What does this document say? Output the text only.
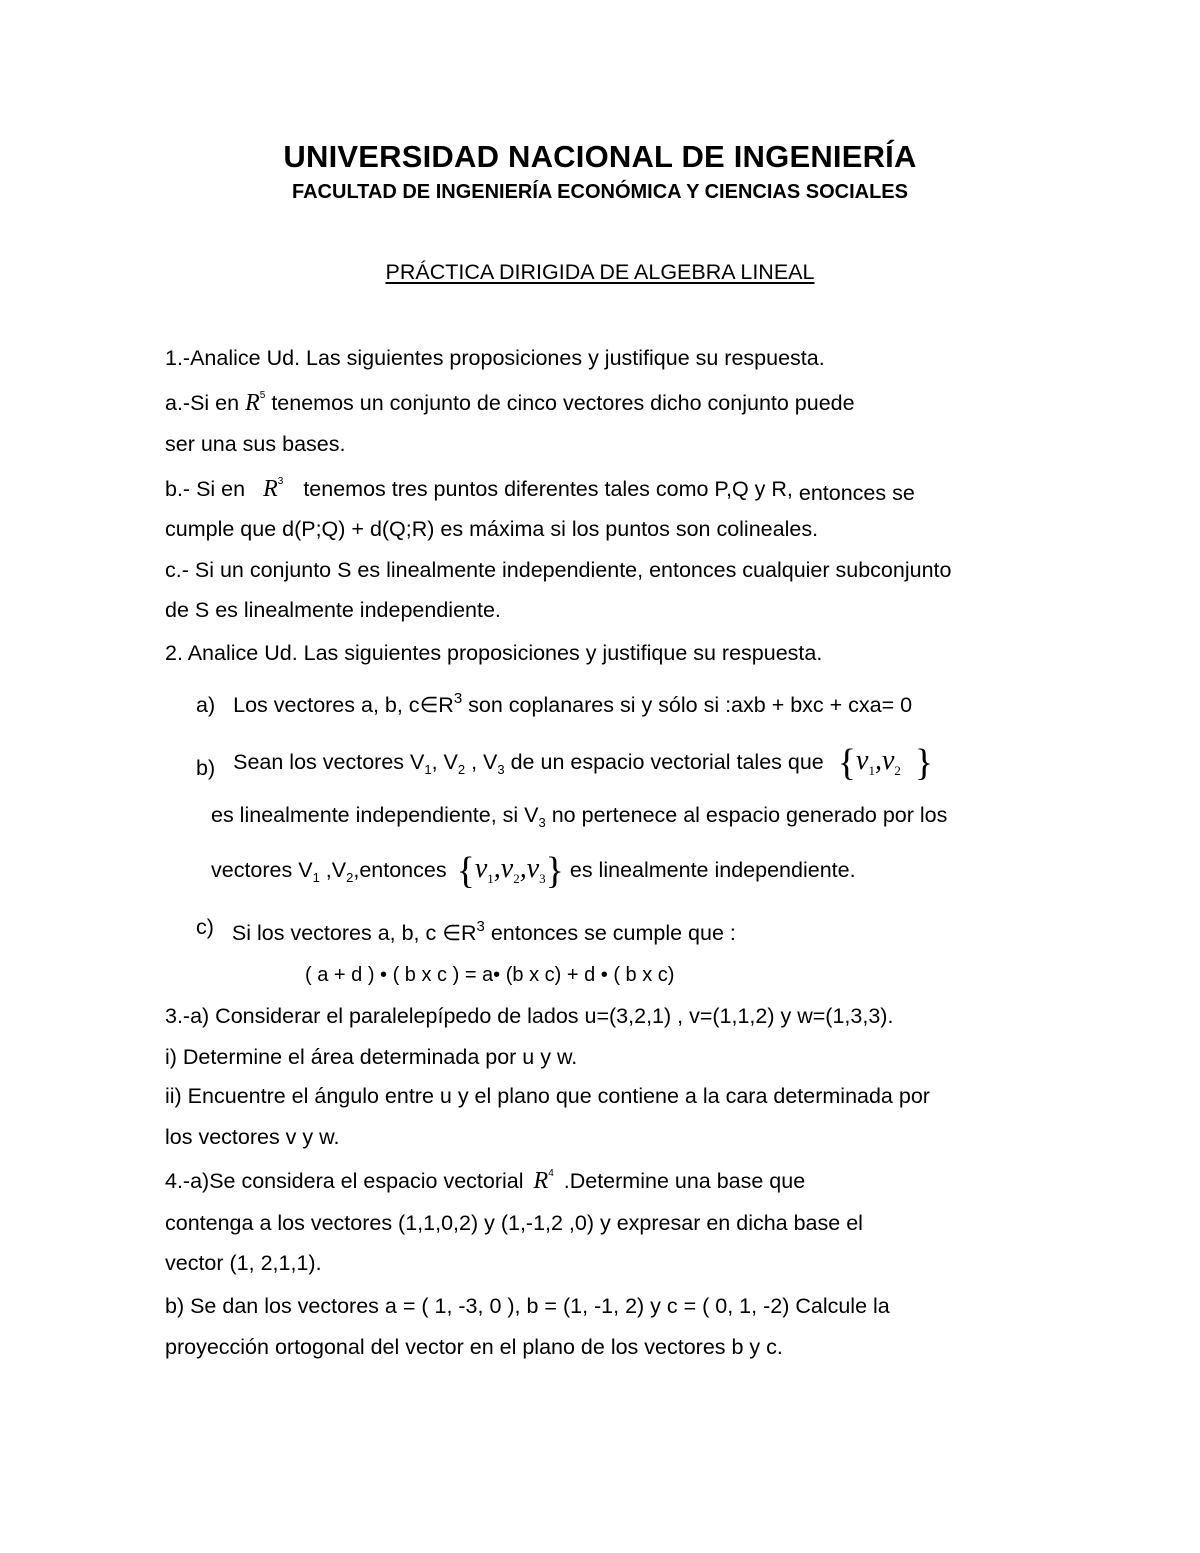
UNIVERSIDAD NACIONAL DE INGENIERÍA
FACULTAD DE INGENIERÍA ECONÓMICA Y CIENCIAS SOCIALES
PRÁCTICA DIRIGIDA DE ALGEBRA LINEAL
1.-Analice Ud. Las siguientes proposiciones y justifique su respuesta.
a.-Si en $R^5$ tenemos un conjunto de cinco vectores dicho conjunto puede
ser una sus bases.
b.- Si en $R^3$ tenemos tres puntos diferentes tales como P,Q y R, entonces se
cumple que d(P;Q) + d(Q;R) es máxima si los puntos son colineales.
c.- Si un conjunto S es linealmente independiente, entonces cualquier subconjunto
de S es linealmente independiente.
2. Analice Ud. Las siguientes proposiciones y justifique su respuesta.
a) Los vectores a, b, $c\in R^3$ son coplanares si y sólo si :axb + bxc + cxa= 0
b) Sean los vectores $V_1$, $V_2$ , $V_3$ de un espacio vectorial tales que {$\nu_1,\nu_2$ }
es linealmente independiente, si $V_3$ no pertenece al espacio generado por los
vectores $V_1$ $,V_2,entonces$ $\{\nu_1,\nu_2,\nu_3\}$ es linealmente independiente.
c) Si los vectores a, b, c $\in R^3$ entonces se cumple que :
( a + d ) • ( b x c ) = a• (b x c) + d • ( b x c)
3.-a) Considerar el paralelepípedo de lados u=(3,2,1) , v=(1,1,2) y w=(1,3,3).
i) Determine el área determinada por u y w.
ii) Encuentre el ángulo entre u y el plano que contiene a la cara determinada por
los vectores v y w.
4.-a)Se considera el espacio vectorial $R^4$ .Determine una base que
contenga a los vectores (1,1,0,2) y (1,-1,2 ,0) y expresar en dicha base el
vector (1, 2,1,1).
b) Se dan los vectores a = ( 1, -3, 0 ), b = (1, -1, 2) y c = ( 0, 1, -2) Calcule la
proyección ortogonal del vector en el plano de los vectores b y c.
